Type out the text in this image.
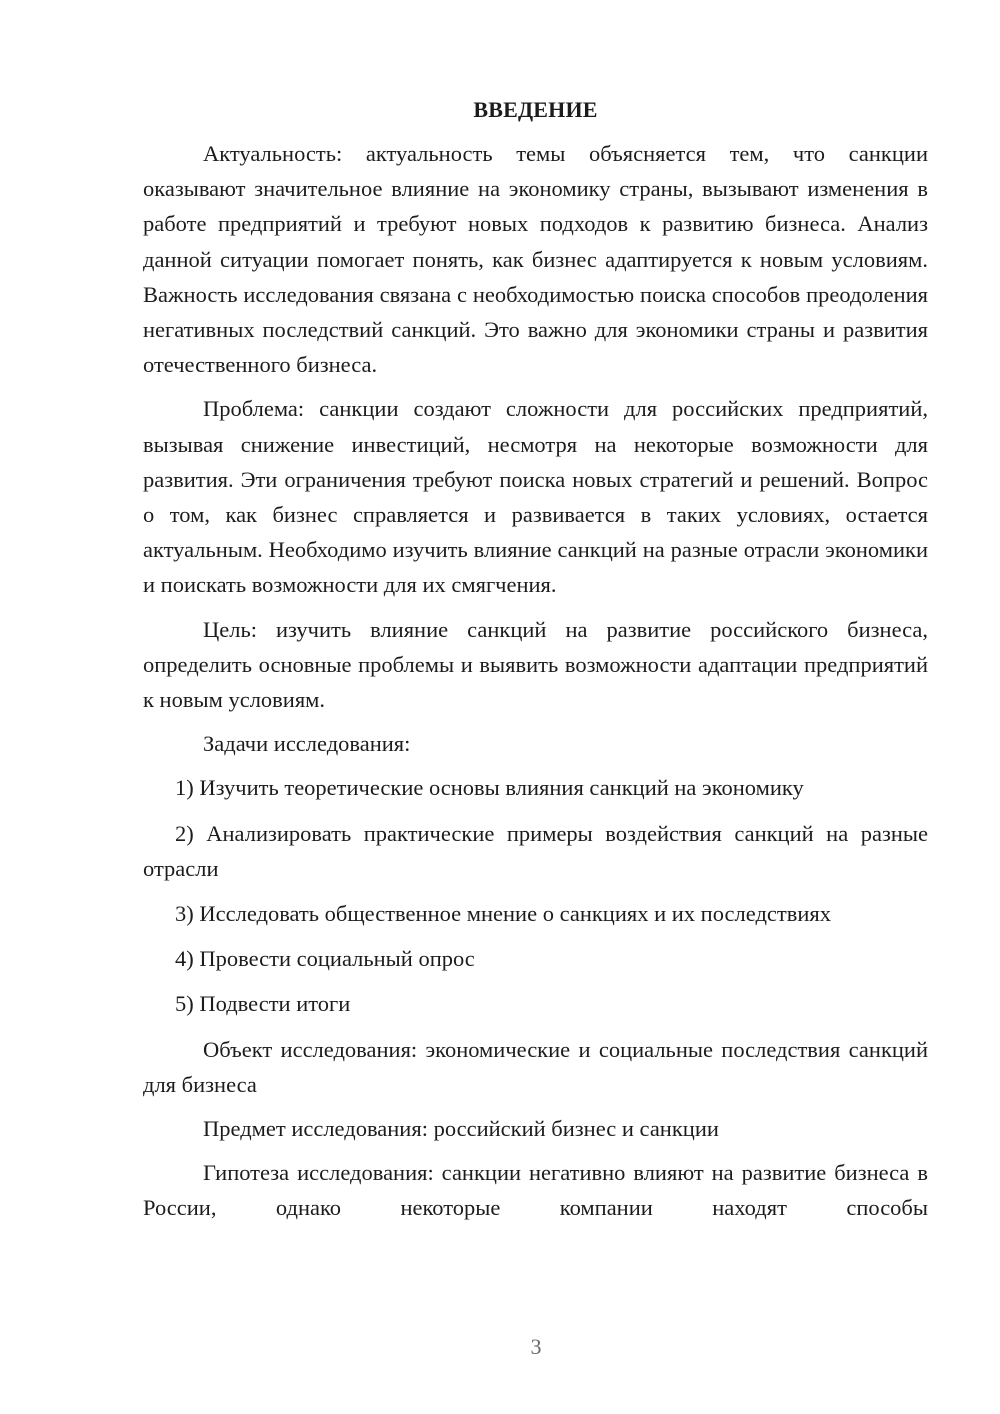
ВВЕДЕНИЕ

Актуальность: актуальность темы объясняется тем, что санкции оказывают значительное влияние на экономику страны, вызывают изменения в работе предприятий и требуют новых подходов к развитию бизнеса. Анализ данной ситуации помогает понять, как бизнес адаптируется к новым условиям. Важность исследования связана с необходимостью поиска способов преодоления негативных последствий санкций. Это важно для экономики страны и развития отечественного бизнеса.

Проблема: санкции создают сложности для российских предприятий, вызывая снижение инвестиций, несмотря на некоторые возможности для развития. Эти ограничения требуют поиска новых стратегий и решений. Вопрос о том, как бизнес справляется и развивается в таких условиях, остается актуальным. Необходимо изучить влияние санкций на разные отрасли экономики и поискать возможности для их смягчения.

Цель: изучить влияние санкций на развитие российского бизнеса, определить основные проблемы и выявить возможности адаптации предприятий к новым условиям.

Задачи исследования:

1) Изучить теоретические основы влияния санкций на экономику

2) Анализировать практические примеры воздействия санкций на разные отрасли

3) Исследовать общественное мнение о санкциях и их последствиях

4) Провести социальный опрос

5) Подвести итоги

Объект исследования: экономические и социальные последствия санкций для бизнеса

Предмет исследования: российский бизнес и санкции

Гипотеза исследования: санкции негативно влияют на развитие бизнеса в России, однако некоторые компании находят способы

3
